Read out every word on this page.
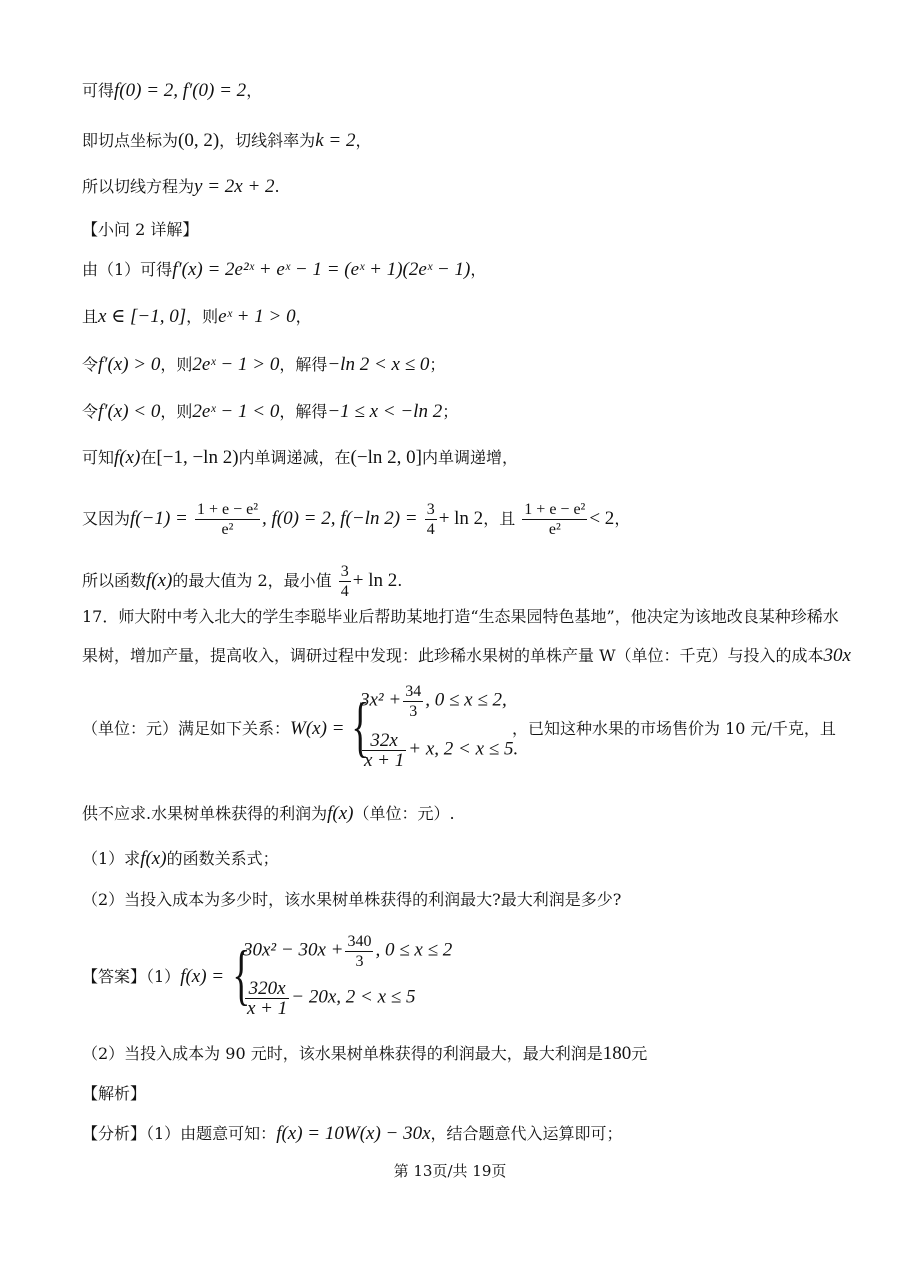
可得f(0) = 2, f′(0) = 2，
即切点坐标为(0, 2)，切线斜率为k = 2，
所以切线方程为y = 2x + 2.
【小问 2 详解】
由（1）可得f′(x) = 2e²ˣ + eˣ − 1 = (eˣ + 1)(2eˣ − 1)，
且x ∈ [−1, 0]，则eˣ + 1 > 0，
令f′(x) > 0，则2eˣ − 1 > 0，解得−ln 2 < x ≤ 0；
令f′(x) < 0，则2eˣ − 1 < 0，解得−1 ≤ x < −ln 2；
可知f(x)在[−1, −ln 2)内单调递减，在(−ln 2, 0]内单调递增，
又因为$f(-1) = \frac{\text{1 + e − e²}}{\text{e²}}$ , f(0) = 2, f(−ln $2) = \frac{3}{4} + \ln 2$，且 $\frac{\text{1 + e − e²}}{\text{e²}} < 2$，
所以函数f(x)的最大值为 2，最小值 $\frac{3}{4} + \ln 2$.
17．师大附中考入北大的学生李聪毕业后帮助某地打造“生态果园特色基地”，他决定为该地改良某种珍稀水
果树，增加产量，提高收入，调研过程中发现：此珍稀水果树的单株产量 W（单位：千克）与投入的成本30x
（单位：元）满足如下关系：W(x) = {
$3x^2 + \frac{34}{3}$ , 0 ≤ x ≤ 2,
$\frac{32x}{x + 1} + x$, 2 < x ≤ 5.
，已知这种水果的市场售价为 10 元/千克，且
供不应求.水果树单株获得的利润为f(x)（单位：元）.
（1）求f(x)的函数关系式；
（2）当投入成本为多少时，该水果树单株获得的利润最大?最大利润是多少?
【答案】（1）f(x) = {
$30x^2 - 30x + \frac{340}{3}$ , 0 ≤ x ≤ 2
$\frac{320x}{x + 1} - 20x$, 2 < x ≤ 5
（2）当投入成本为 90 元时，该水果树单株获得的利润最大，最大利润是180元
【解析】
【分析】（1）由题意可知：f(x) = 10W(x) − 30x，结合题意代入运算即可；
第 13页/共 19页
